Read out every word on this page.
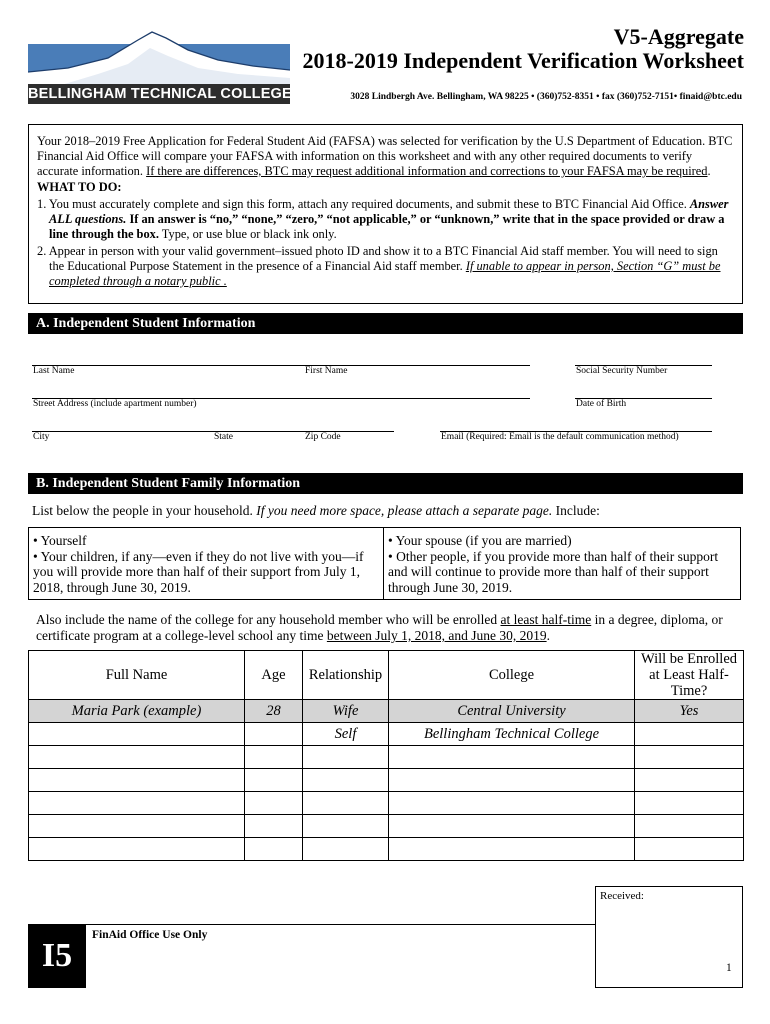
BELLINGHAM TECHNICAL COLLEGE
V5-Aggregate
2018-2019 Independent Verification Worksheet
3028 Lindbergh Ave. Bellingham, WA 98225 • (360)752-8351 • fax (360)752-7151• finaid@btc.edu

Your 2018–2019 Free Application for Federal Student Aid (FAFSA) was selected for verification by the U.S Department of Education. BTC Financial Aid Office will compare your FAFSA with information on this worksheet and with any other required documents to verify accurate information. If there are differences, BTC may request additional information and corrections to your FAFSA may be required.

WHAT TO DO:

1. You must accurately complete and sign this form, attach any required documents, and submit these to BTC Financial Aid Office. Answer ALL questions. If an answer is “no,” “none,” “zero,” “not applicable,” or “unknown,” write that in the space provided or draw a line through the box. Type, or use blue or black ink only.
2. Appear in person with your valid government–issued photo ID and show it to a BTC Financial Aid staff member. You will need to sign the Educational Purpose Statement in the presence of a Financial Aid staff member. If unable to appear in person, Section “G” must be completed through a notary public .
A. Independent Student Information
Last Name	First Name	Social Security Number
Street Address (include apartment number)	Date of Birth
City	State	Zip Code	Email (Required: Email is the default communication method)
B. Independent Student Family Information
List below the people in your household. If you need more space, please attach a separate page. Include:
• Yourself
• Your children, if any—even if they do not live with you—if you will provide more than half of their support from July 1, 2018, through June 30, 2019.
• Your spouse (if you are married)
• Other people, if you provide more than half of their support and will continue to provide more than half of their support through June 30, 2019.
Also include the name of the college for any household member who will be enrolled at least half-time in a degree, diploma, or certificate program at a college-level school any time between July 1, 2018, and June 30, 2019.
Full Name	Age	Relationship	College	Will be Enrolled at Least Half-Time?
Maria Park (example)	28	Wife	Central University	Yes
		Self	Bellingham Technical College	

Received:
I5
FinAid Office Use Only
1
